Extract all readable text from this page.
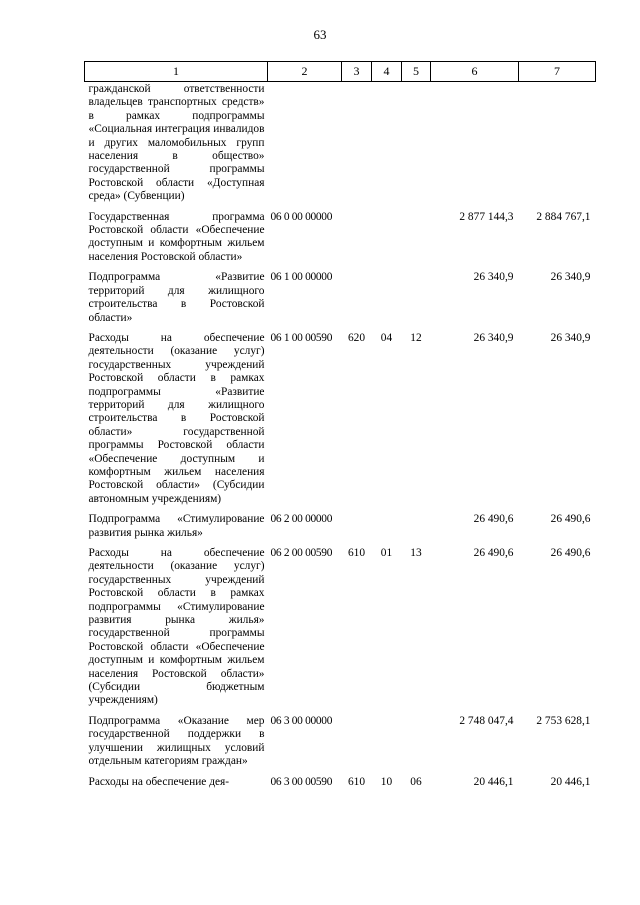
63
1	2	3	4	5	6	7
гражданской ответственности владельцев транспортных средств» в рамках подпрограммы «Социальная интеграция инвалидов и других маломобильных групп населения в общество» государственной программы Ростовской области «Доступная среда» (Субвенции)						
Государственная программа Ростовской области «Обеспечение доступным и комфортным жильем населения Ростовской области»	06 0 00 00000				2 877 144,3	2 884 767,1
Подпрограмма «Развитие территорий для жилищного строительства в Ростовской области»	06 1 00 00000				26 340,9	26 340,9
Расходы на обеспечение деятельности (оказание услуг) государственных учреждений Ростовской области в рамках подпрограммы «Развитие территорий для жилищного строительства в Ростовской области» государственной программы Ростовской области «Обеспечение доступным и комфортным жильем населения Ростовской области» (Субсидии автономным учреждениям)	06 1 00 00590	620	04	12	26 340,9	26 340,9
Подпрограмма «Стимулирование развития рынка жилья»	06 2 00 00000				26 490,6	26 490,6
Расходы на обеспечение деятельности (оказание услуг) государственных учреждений Ростовской области в рамках подпрограммы «Стимулирование развития рынка жилья» государственной программы Ростовской области «Обеспечение доступным и комфортным жильем населения Ростовской области» (Субсидии бюджетным учреждениям)	06 2 00 00590	610	01	13	26 490,6	26 490,6
Подпрограмма «Оказание мер государственной поддержки в улучшении жилищных условий отдельным категориям граждан»	06 3 00 00000				2 748 047,4	2 753 628,1
Расходы на обеспечение дея-	06 3 00 00590	610	10	06	20 446,1	20 446,1
